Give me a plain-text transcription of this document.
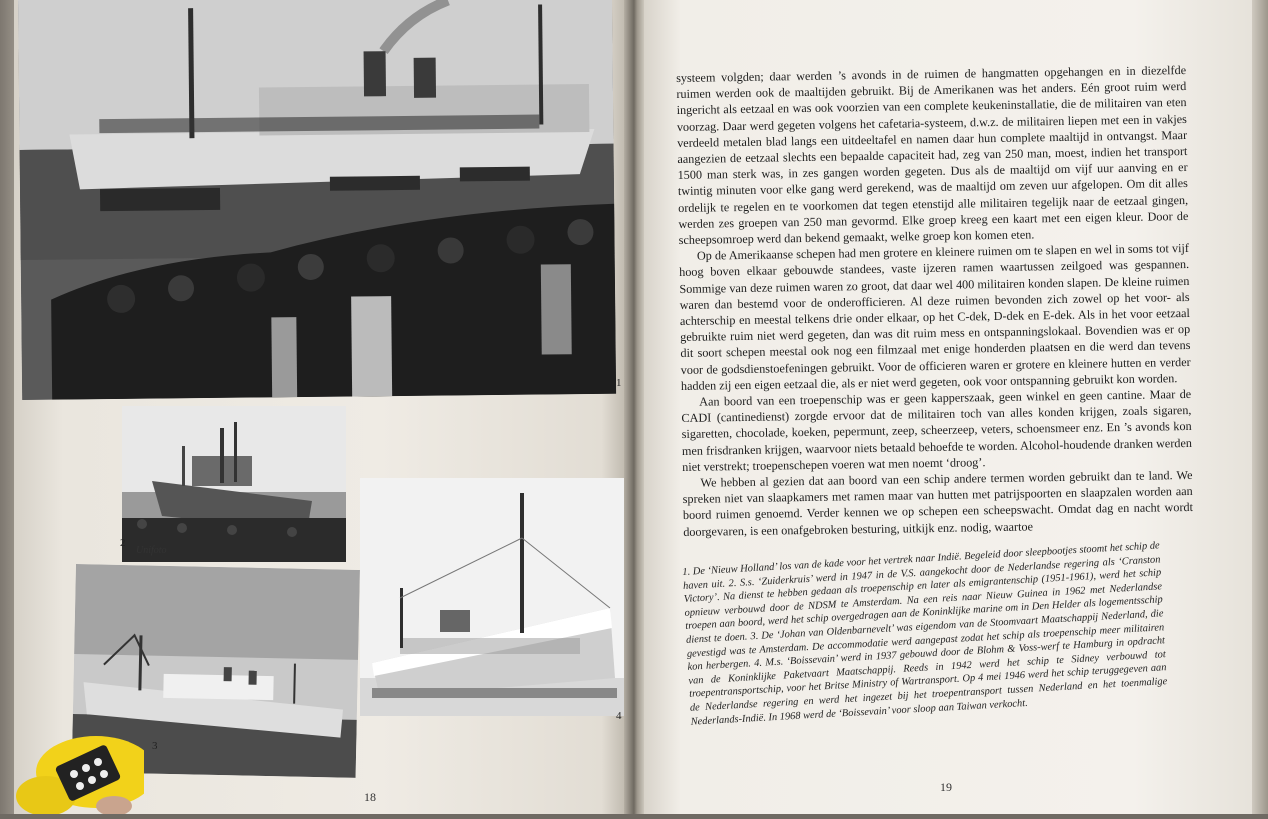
1
2
Unifoto
3
4
18

systeem volgden; daar werden ’s avonds in de ruimen de hangmatten opgehangen en in diezelfde ruimen werden ook de maaltijden gebruikt. Bij de Amerikanen was het anders. Eén groot ruim werd ingericht als eetzaal en was ook voorzien van een complete keukeninstallatie, die de militairen van eten voorzag. Daar werd gegeten volgens het cafetaria-systeem, d.w.z. de militairen liepen met een in vakjes verdeeld metalen blad langs een uitdeeltafel en namen daar hun complete maaltijd in ontvangst. Maar aangezien de eetzaal slechts een bepaalde capaciteit had, zeg van 250 man, moest, indien het transport 1500 man sterk was, in zes gangen worden gegeten. Dus als de maaltijd om vijf uur aanving en er twintig minuten voor elke gang werd gerekend, was de maaltijd om zeven uur afgelopen. Om dit alles ordelijk te regelen en te voorkomen dat tegen etenstijd alle militairen tegelijk naar de eetzaal gingen, werden zes groepen van 250 man gevormd. Elke groep kreeg een kaart met een eigen kleur. Door de scheepsomroep werd dan bekend gemaakt, welke groep kon komen eten.

Op de Amerikaanse schepen had men grotere en kleinere ruimen om te slapen en wel in soms tot vijf hoog boven elkaar gebouwde standees, vaste ijzeren ramen waartussen zeilgoed was gespannen. Sommige van deze ruimen waren zo groot, dat daar wel 400 militairen konden slapen. De kleine ruimen waren dan bestemd voor de onderofficieren. Al deze ruimen bevonden zich zowel op het voor- als achterschip en meestal telkens drie onder elkaar, op het C-dek, D-dek en E-dek. Als in het voor eetzaal gebruikte ruim niet werd gegeten, dan was dit ruim mess en ontspanningslokaal. Bovendien was er op dit soort schepen meestal ook nog een filmzaal met enige honderden plaatsen en die werd dan tevens voor de godsdienstoefeningen gebruikt. Voor de officieren waren er grotere en kleinere hutten en verder hadden zij een eigen eetzaal die, als er niet werd gegeten, ook voor ontspanning gebruikt kon worden.

Aan boord van een troepenschip was er geen kapperszaak, geen winkel en geen cantine. Maar de CADI (cantinedienst) zorgde ervoor dat de militairen toch van alles konden krijgen, zoals sigaren, sigaretten, chocolade, koeken, pepermunt, zeep, scheerzeep, veters, schoensmeer enz. En ’s avonds kon men frisdranken krijgen, waarvoor niets betaald behoefde te worden. Alcohol-houdende dranken werden niet verstrekt; troepenschepen voeren wat men noemt ‘droog’.

We hebben al gezien dat aan boord van een schip andere termen worden gebruikt dan te land. We spreken niet van slaapkamers met ramen maar van hutten met patrijspoorten en slaapzalen worden aan boord ruimen genoemd. Verder kennen we op schepen een scheepswacht. Omdat dag en nacht wordt doorgevaren, is een onafgebroken besturing, uitkijk enz. nodig, waartoe

1. De ‘Nieuw Holland’ los van de kade voor het vertrek naar Indië. Begeleid door sleepbootjes stoomt het schip de haven uit. 2. S.s. ‘Zuiderkruis’ werd in 1947 in de V.S. aangekocht door de Nederlandse regering als ‘Cranston Victory’. Na dienst te hebben gedaan als troepenschip en later als emigrantenschip (1951-1961), werd het schip opnieuw verbouwd door de NDSM te Amsterdam. Na een reis naar Nieuw Guinea in 1962 met Nederlandse troepen aan boord, werd het schip overgedragen aan de Koninklijke marine om in Den Helder als logementsschip dienst te doen. 3. De ‘Johan van Oldenbarnevelt’ was eigendom van de Stoomvaart Maatschappij Nederland, die gevestigd was te Amsterdam. De accommodatie werd aangepast zodat het schip als troepenschip meer militairen kon herbergen. 4. M.s. ‘Boissevain’ werd in 1937 gebouwd door de Blohm & Voss-werf te Hamburg in opdracht van de Koninklijke Paketvaart Maatschappij. Reeds in 1942 werd het schip te Sidney verbouwd tot troepentransportschip, voor het Britse Ministry of Wartransport. Op 4 mei 1946 werd het schip teruggegeven aan de Nederlandse regering en werd het ingezet bij het troepentransport tussen Nederland en het toenmalige Nederlands-Indië. In 1968 werd de ‘Boissevain’ voor sloop aan Taiwan verkocht.
19
